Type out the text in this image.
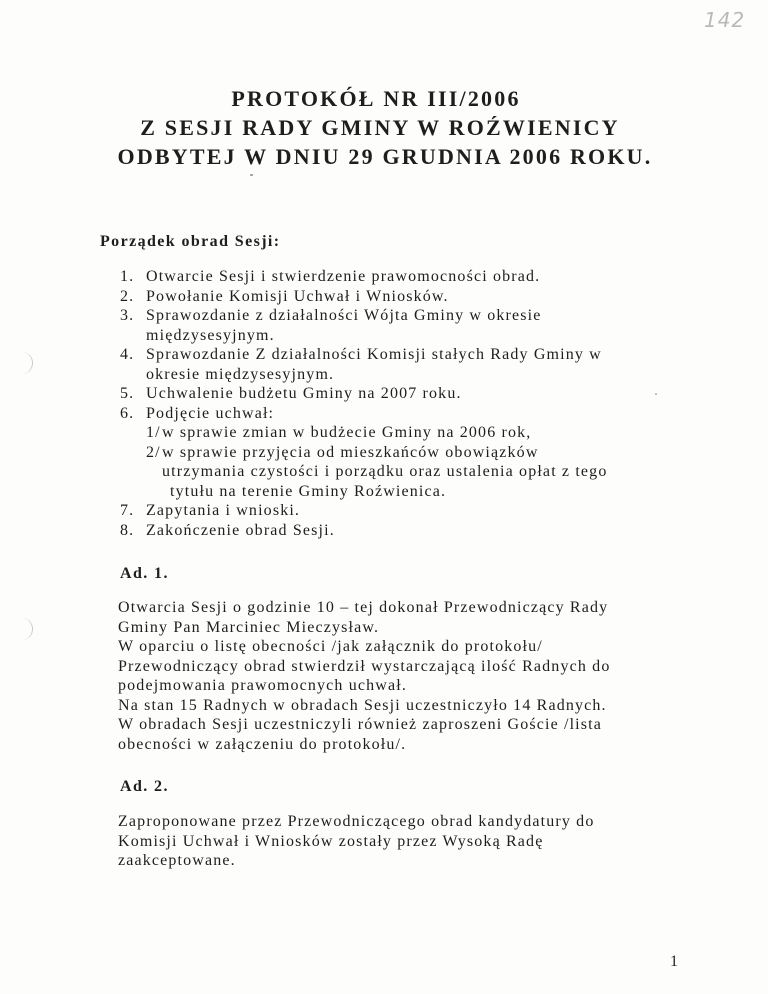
142
PROTOKÓŁ NR III/2006
Z SESJI RADY GMINY W ROŹWIENICY
ODBYTEJ W DNIU 29 GRUDNIA 2006 ROKU.
Porządek obrad Sesji:
1. Otwarcie Sesji i stwierdzenie prawomocności obrad.
2. Powołanie Komisji Uchwał i Wniosków.
3. Sprawozdanie z działalności Wójta Gminy w okresie
międzysesyjnym.
4. Sprawozdanie Z działalności Komisji stałych Rady Gminy w
okresie międzysesyjnym.
5. Uchwalenie budżetu Gminy na 2007 roku.
6. Podjęcie uchwał:
1/ w sprawie zmian w budżecie Gminy na 2006 rok,
2/ w sprawie przyjęcia od mieszkańców obowiązków
utrzymania czystości i porządku oraz ustalenia opłat z tego
tytułu na terenie Gminy Roźwienica.
7. Zapytania i wnioski.
8. Zakończenie obrad Sesji.
Ad. 1.
Otwarcia Sesji o godzinie 10 – tej dokonał Przewodniczący Rady
Gminy Pan Marciniec Mieczysław.
W oparciu o listę obecności /jak załącznik do protokołu/
Przewodniczący obrad stwierdził wystarczającą ilość Radnych do
podejmowania prawomocnych uchwał.
Na stan 15 Radnych w obradach Sesji uczestniczyło 14 Radnych.
W obradach Sesji uczestniczyli również zaproszeni Goście /lista
obecności w załączeniu do protokołu/.
Ad. 2.
Zaproponowane przez Przewodniczącego obrad kandydatury do
Komisji Uchwał i Wniosków zostały przez Wysoką Radę
zaakceptowane.
1
